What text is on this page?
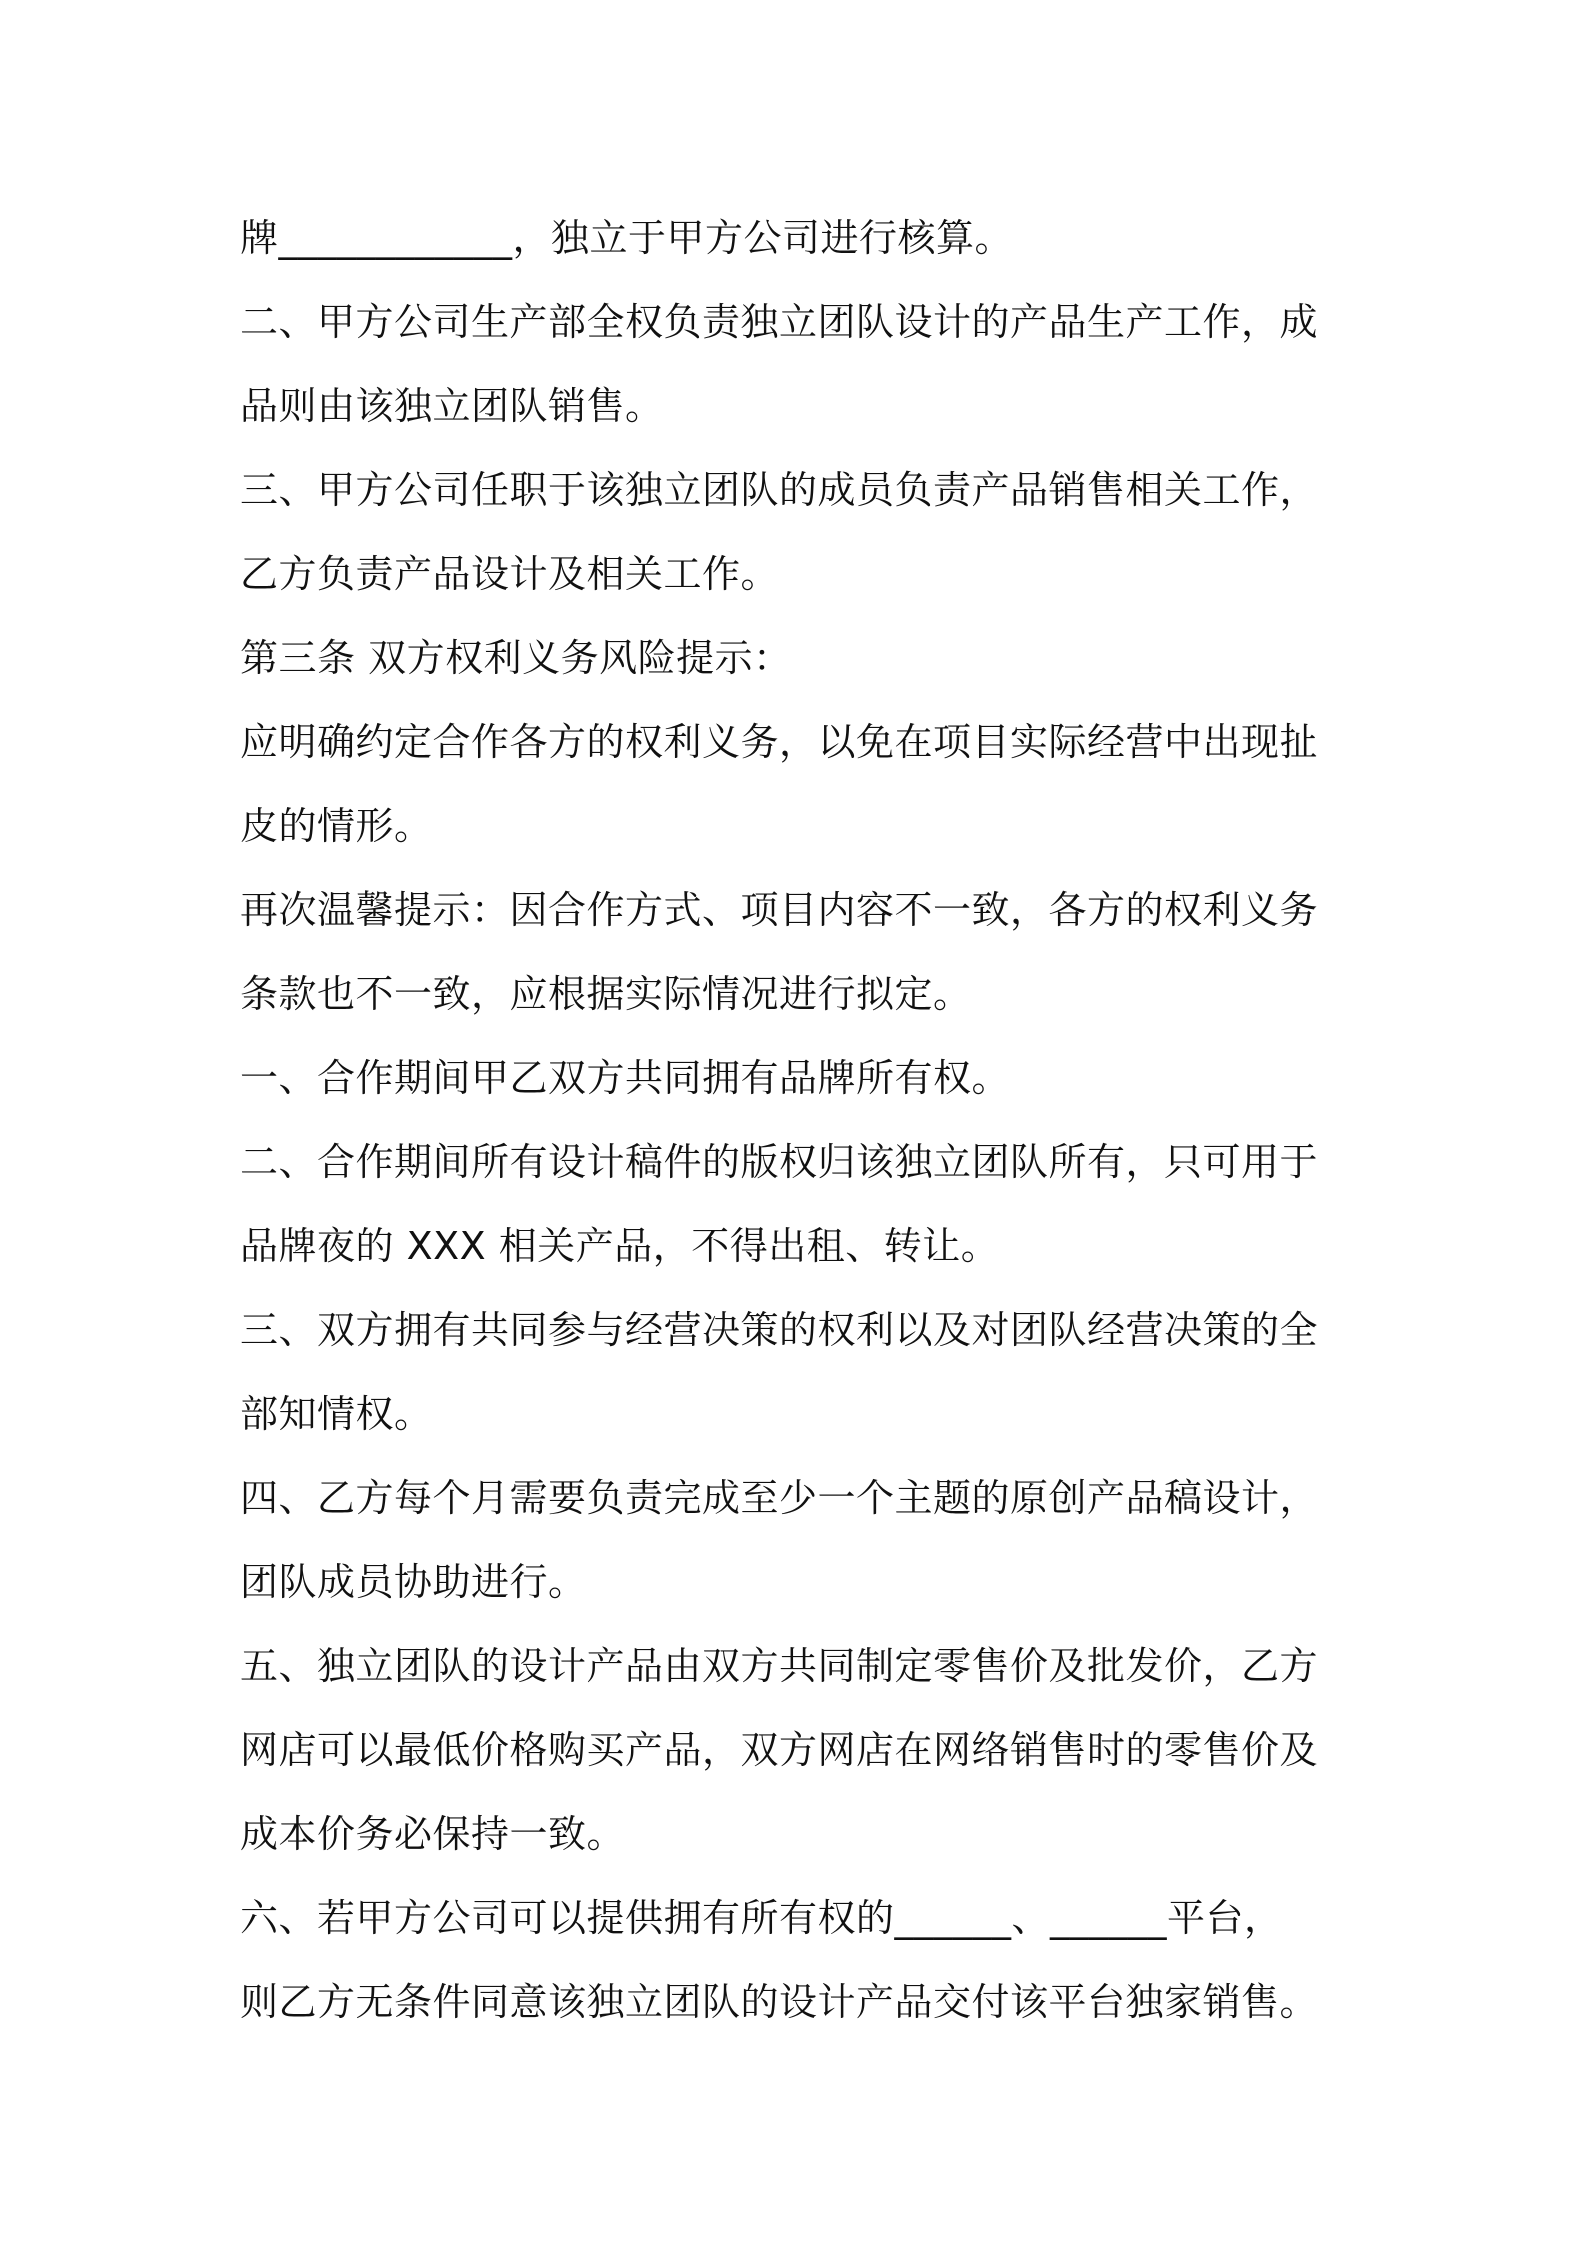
牌____________，独立于甲方公司进行核算。
二、甲方公司生产部全权负责独立团队设计的产品生产工作，成
品则由该独立团队销售。
三、甲方公司任职于该独立团队的成员负责产品销售相关工作，
乙方负责产品设计及相关工作。
第三条 双方权利义务风险提示：
应明确约定合作各方的权利义务，以免在项目实际经营中出现扯
皮的情形。
再次温馨提示：因合作方式、项目内容不一致，各方的权利义务
条款也不一致，应根据实际情况进行拟定。
一、合作期间甲乙双方共同拥有品牌所有权。
二、合作期间所有设计稿件的版权归该独立团队所有，只可用于
品牌夜的 XXX 相关产品，不得出租、转让。
三、双方拥有共同参与经营决策的权利以及对团队经营决策的全
部知情权。
四、乙方每个月需要负责完成至少一个主题的原创产品稿设计，
团队成员协助进行。
五、独立团队的设计产品由双方共同制定零售价及批发价，乙方
网店可以最低价格购买产品，双方网店在网络销售时的零售价及
成本价务必保持一致。
六、若甲方公司可以提供拥有所有权的______、______平台，
则乙方无条件同意该独立团队的设计产品交付该平台独家销售。
